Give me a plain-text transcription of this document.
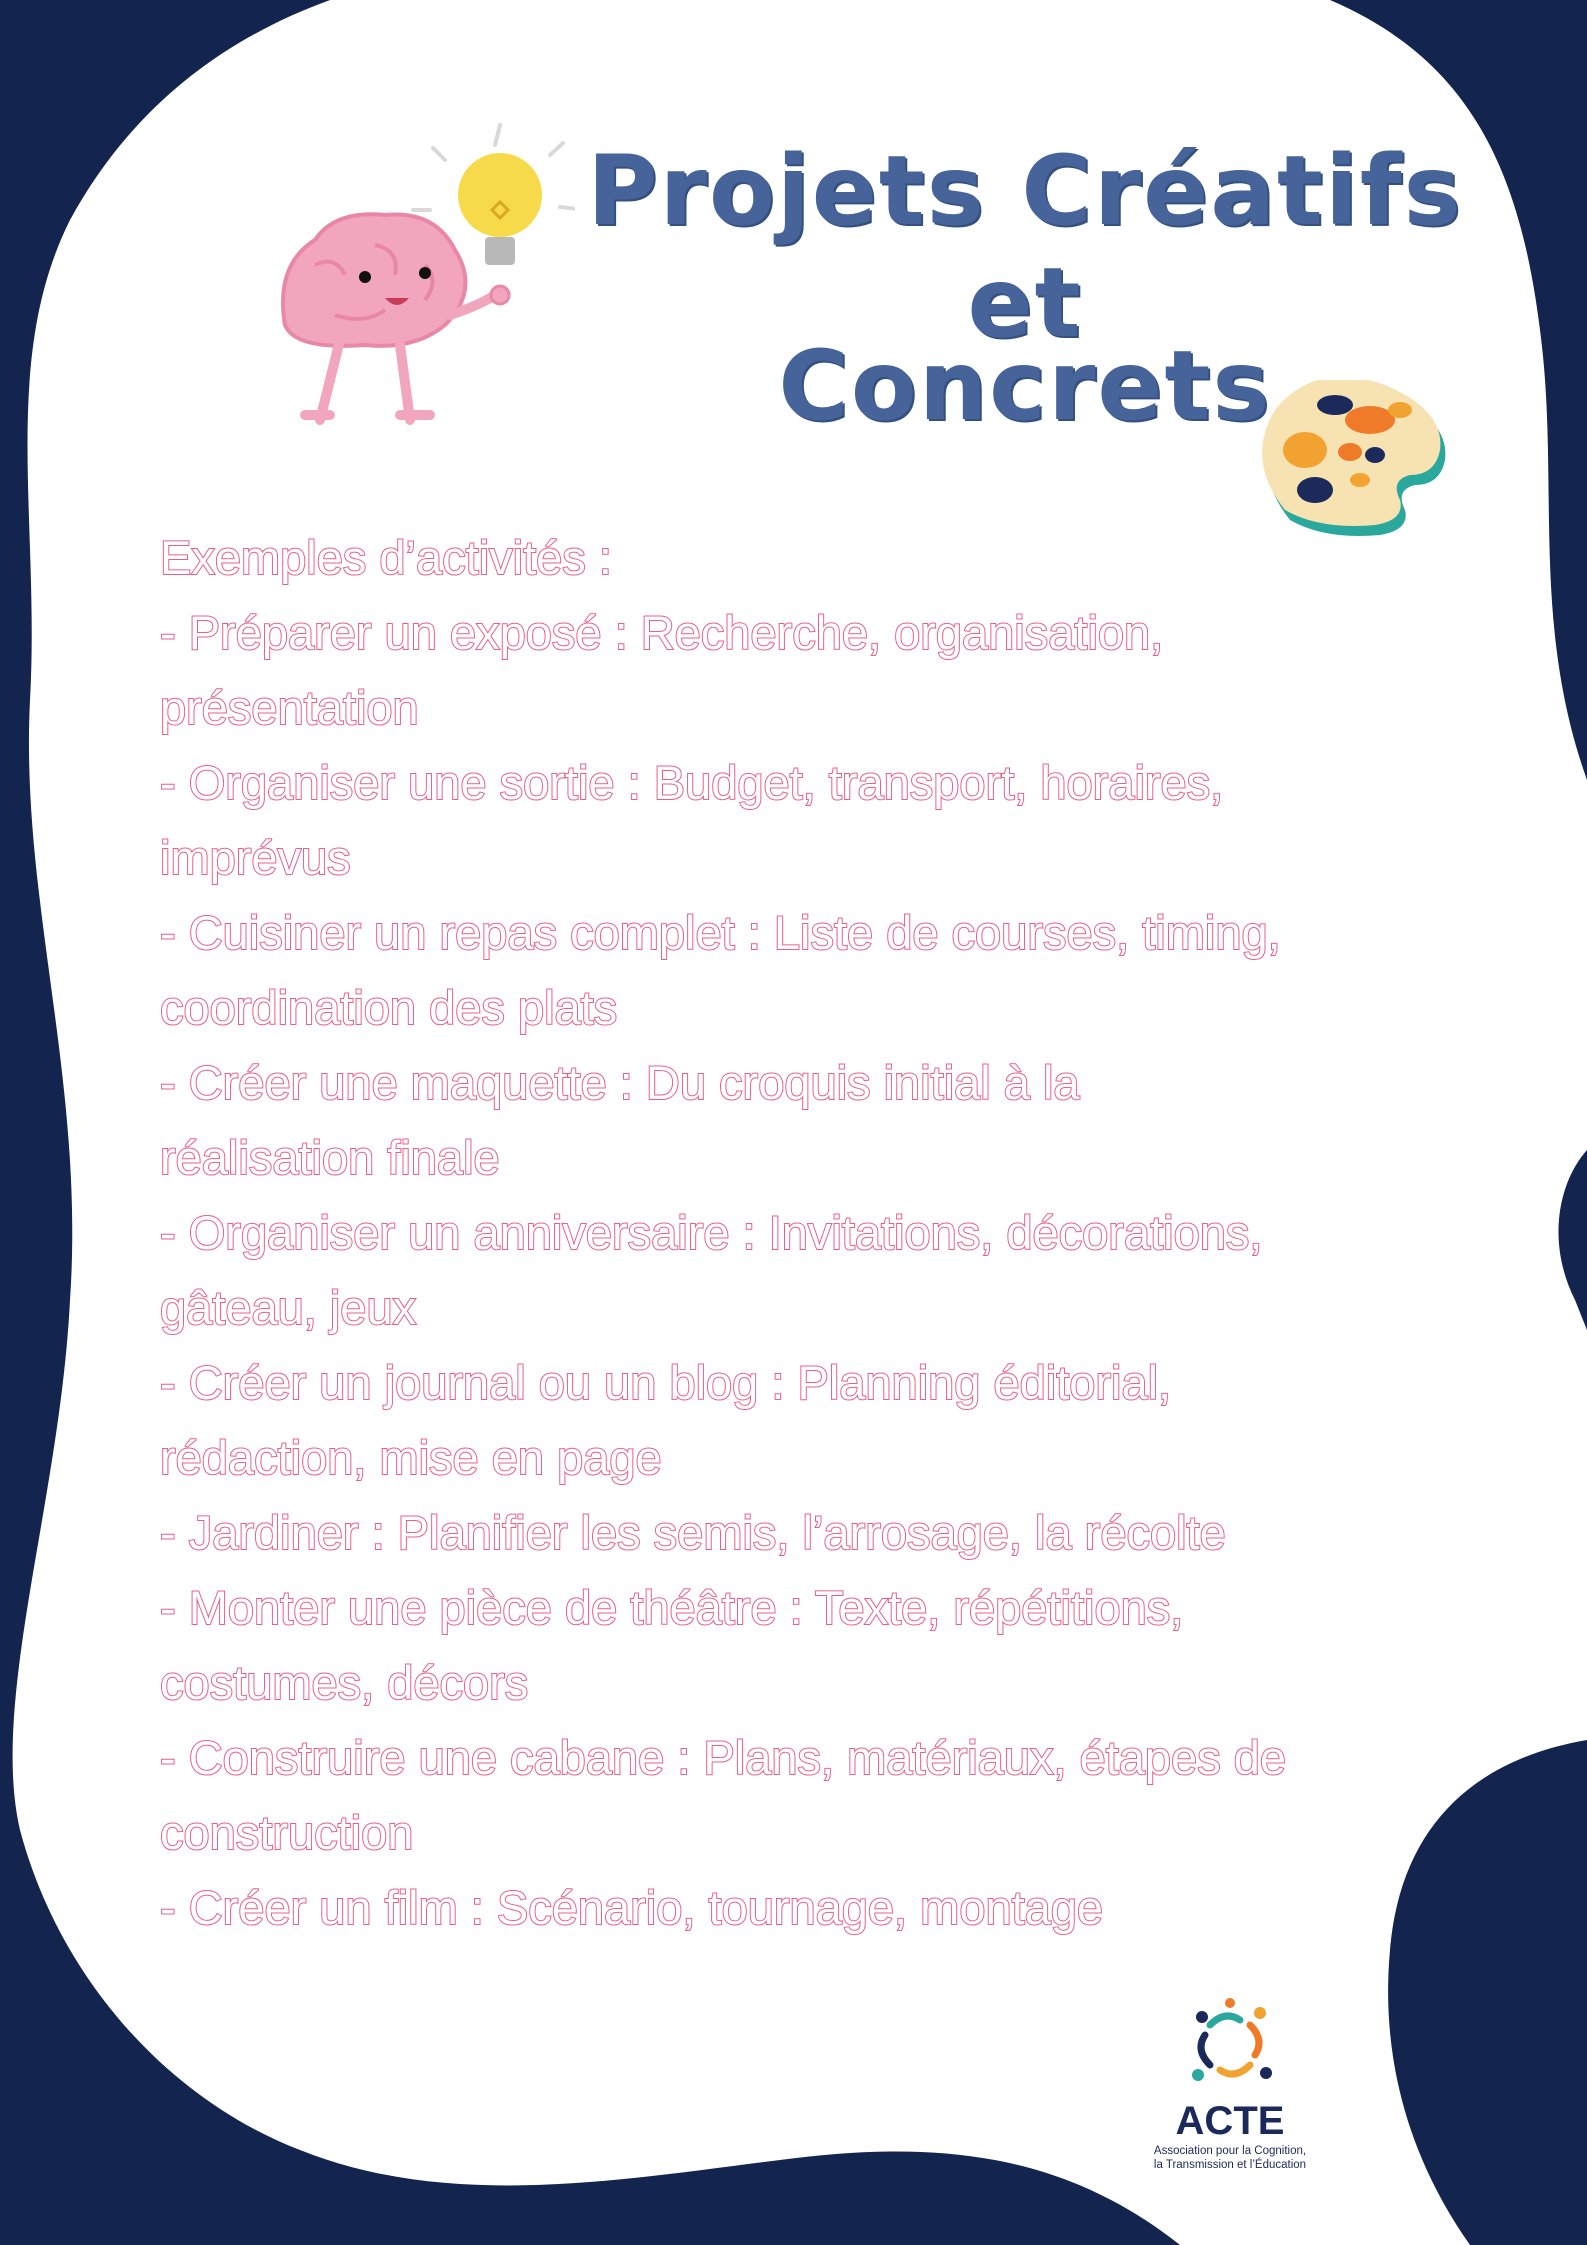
Projets Créatifs et
Concrets
Exemples d’activités :
- Préparer un exposé : Recherche, organisation,
présentation
- Organiser une sortie : Budget, transport, horaires,
imprévus
- Cuisiner un repas complet : Liste de courses, timing,
coordination des plats
- Créer une maquette : Du croquis initial à la
réalisation finale
- Organiser un anniversaire : Invitations, décorations,
gâteau, jeux
- Créer un journal ou un blog : Planning éditorial,
rédaction, mise en page
- Jardiner : Planifier les semis, l’arrosage, la récolte
- Monter une pièce de théâtre : Texte, répétitions,
costumes, décors
- Construire une cabane : Plans, matériaux, étapes de
construction
- Créer un film : Scénario, tournage, montage
ACTE
Association pour la Cognition,
la Transmission et l’Éducation
